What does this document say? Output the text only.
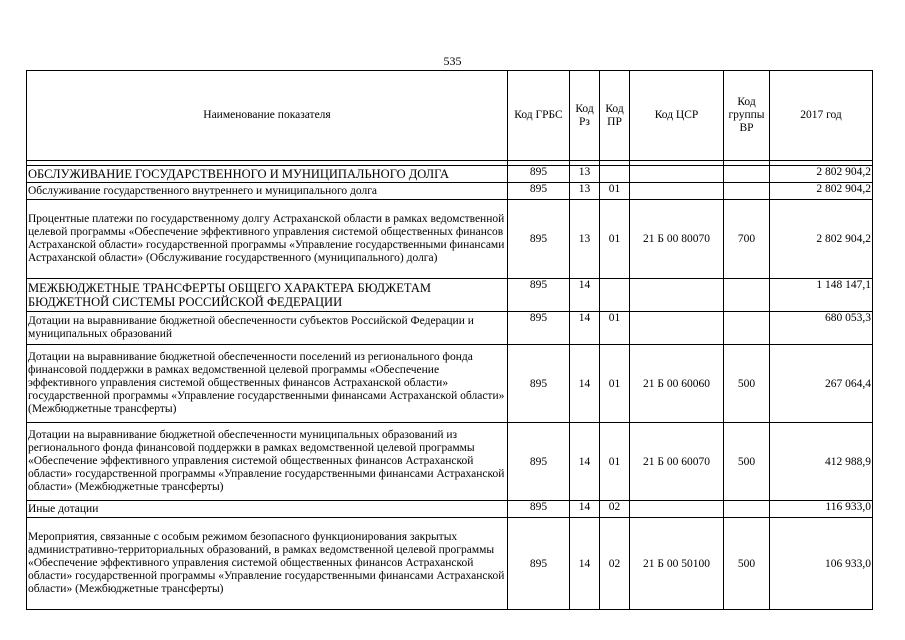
535
Наименование показателя	Код ГРБС	Код Рз	Код ПР	Код ЦСР	Код группы ВР	2017 год

ОБСЛУЖИВАНИЕ ГОСУДАРСТВЕННОГО И МУНИЦИПАЛЬНОГО ДОЛГА	895	13				2 802 904,2
Обслуживание государственного внутреннего и муниципального долга	895	13	01			2 802 904,2
Процентные платежи по государственному долгу Астраханской области в рамках ведомственной целевой программы «Обеспечение эффективного управления системой общественных финансов Астраханской области» государственной программы «Управление государственными финансами Астраханской области» (Обслуживание государственного (муниципального) долга)	895	13	01	21 Б 00 80070	700	2 802 904,2
МЕЖБЮДЖЕТНЫЕ ТРАНСФЕРТЫ ОБЩЕГО ХАРАКТЕРА БЮДЖЕТАМ БЮДЖЕТНОЙ СИСТЕМЫ РОССИЙСКОЙ ФЕДЕРАЦИИ	895	14				1 148 147,1
Дотации на выравнивание бюджетной обеспеченности субъектов Российской Федерации и муниципальных образований	895	14	01			680 053,3
Дотации на выравнивание бюджетной обеспеченности поселений из регионального фонда финансовой поддержки в рамках ведомственной целевой программы «Обеспечение эффективного управления системой общественных финансов Астраханской области» государственной программы «Управление государственными финансами Астраханской области» (Межбюджетные трансферты)	895	14	01	21 Б 00 60060	500	267 064,4
Дотации на выравнивание бюджетной обеспеченности муниципальных образований из регионального фонда финансовой поддержки в рамках ведомственной целевой программы «Обеспечение эффективного управления системой общественных финансов Астраханской области» государственной программы «Управление государственными финансами Астраханской области» (Межбюджетные трансферты)	895	14	01	21 Б 00 60070	500	412 988,9
Иные дотации	895	14	02			116 933,0
Мероприятия, связанные с особым режимом безопасного функционирования закрытых административно-территориальных образований, в рамках ведомственной целевой программы «Обеспечение эффективного управления системой общественных финансов Астраханской области» государственной программы «Управление государственными финансами Астраханской области» (Межбюджетные трансферты)	895	14	02	21 Б 00 50100	500	106 933,0
